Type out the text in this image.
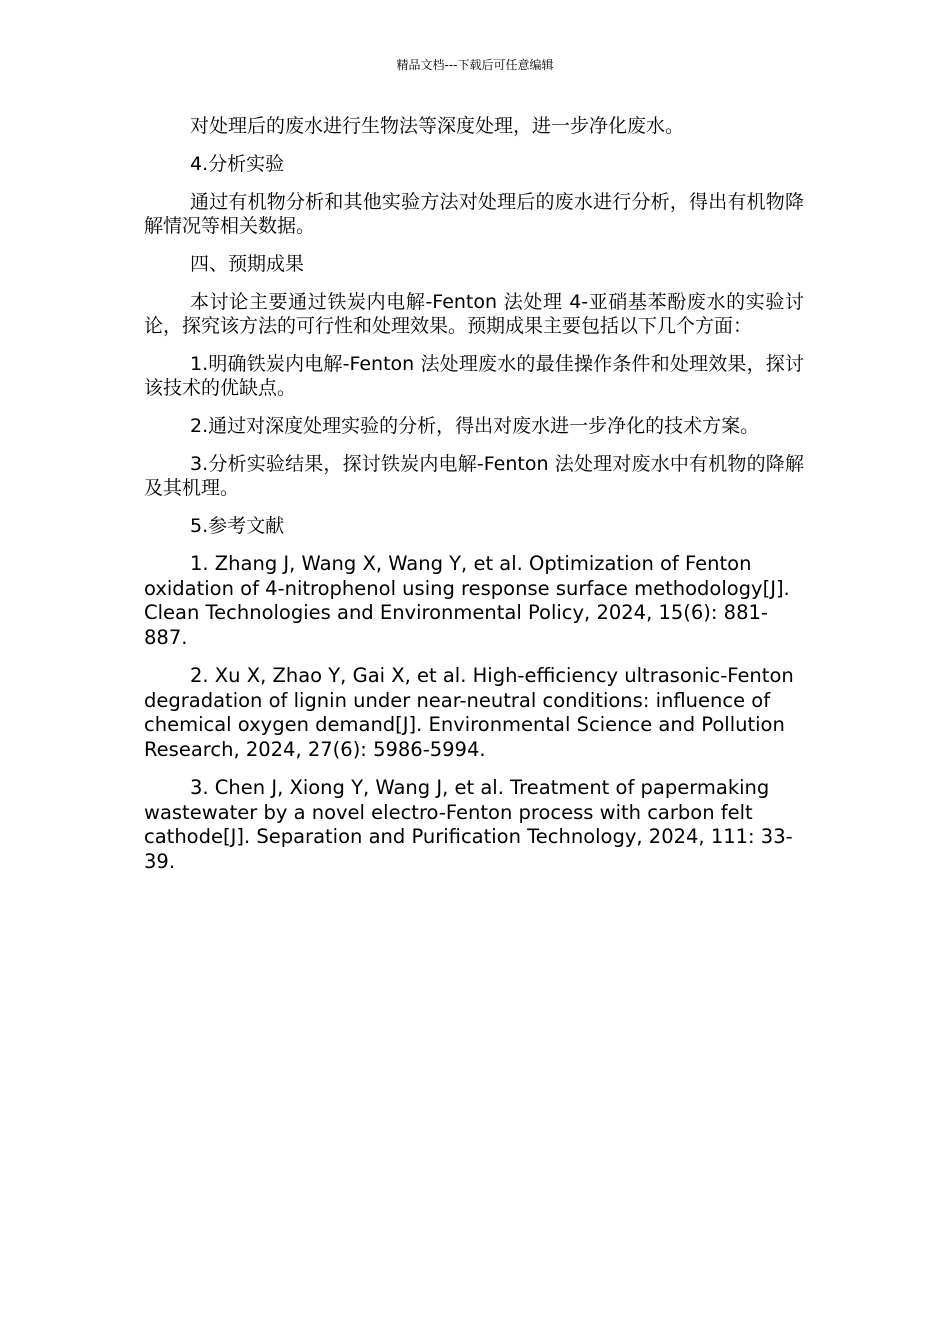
精品文档---下载后可任意编辑

对处理后的废水进行生物法等深度处理，进一步净化废水。

4.分析实验

通过有机物分析和其他实验方法对处理后的废水进行分析，得出有机物降解情况等相关数据。

四、预期成果

本讨论主要通过铁炭内电解-Fenton 法处理 4-亚硝基苯酚废水的实验讨论，探究该方法的可行性和处理效果。预期成果主要包括以下几个方面：

1.明确铁炭内电解-Fenton 法处理废水的最佳操作条件和处理效果，探讨该技术的优缺点。

2.通过对深度处理实验的分析，得出对废水进一步净化的技术方案。

3.分析实验结果，探讨铁炭内电解-Fenton 法处理对废水中有机物的降解及其机理。

5.参考文献

1. Zhang J, Wang X, Wang Y, et al. Optimization of Fenton oxidation of 4-nitrophenol using response surface methodology[J]. Clean Technologies and Environmental Policy, 2024, 15(6): 881-887.

2. Xu X, Zhao Y, Gai X, et al. High-efficiency ultrasonic-Fenton degradation of lignin under near-neutral conditions: influence of chemical oxygen demand[J]. Environmental Science and Pollution Research, 2024, 27(6): 5986-5994.

3. Chen J, Xiong Y, Wang J, et al. Treatment of papermaking wastewater by a novel electro-Fenton process with carbon felt cathode[J]. Separation and Purification Technology, 2024, 111: 33-39.
